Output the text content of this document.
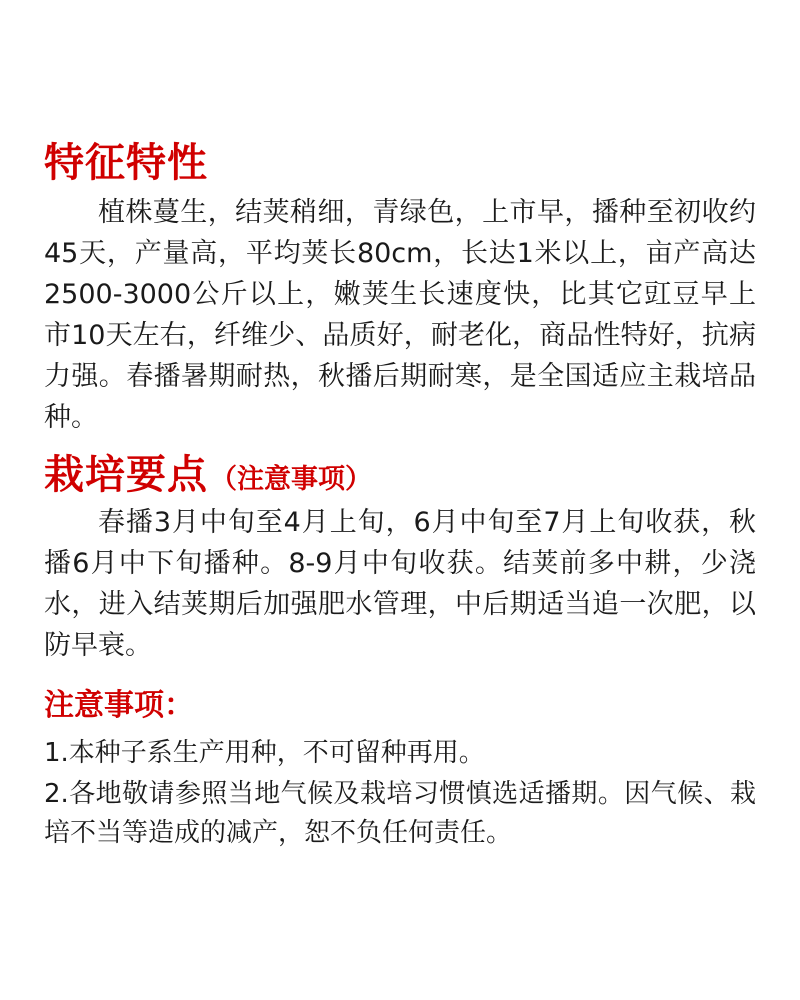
特征特性

植株蔓生，结荚稍细，青绿色，上市早，播种至初收约45天，产量高，平均荚长80cm，长达1米以上，亩产高达2500-3000公斤以上，嫩荚生长速度快，比其它豇豆早上市10天左右，纤维少、品质好，耐老化，商品性特好，抗病力强。春播暑期耐热，秋播后期耐寒，是全国适应主栽培品种。

栽培要点 （注意事项）

春播3月中旬至4月上旬，6月中旬至7月上旬收获，秋播6月中下旬播种。8-9月中旬收获。结荚前多中耕，少浇水，进入结荚期后加强肥水管理，中后期适当追一次肥，以防早衰。

注意事项：
1.本种子系生产用种，不可留种再用。
2.各地敬请参照当地气候及栽培习惯慎选适播期。因气候、栽培不当等造成的减产，恕不负任何责任。
